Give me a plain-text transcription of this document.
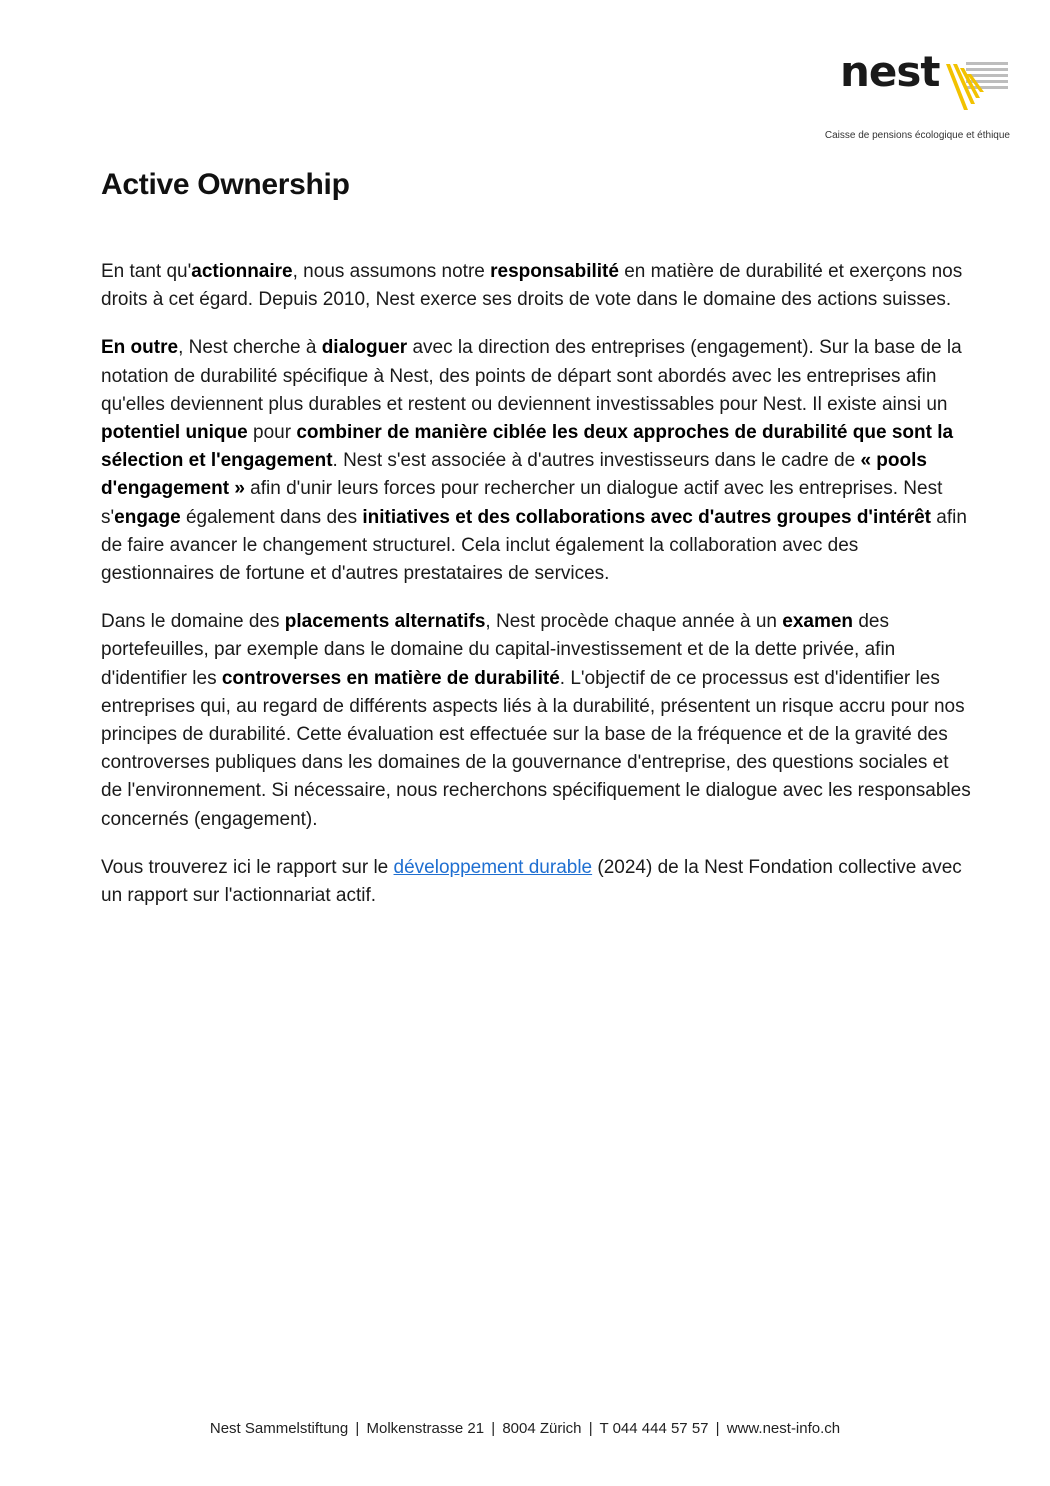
nest
Caisse de pensions écologique et éthique
Active Ownership

En tant qu'actionnaire, nous assumons notre responsabilité en matière de durabilité et exerçons nos droits à cet égard. Depuis 2010, Nest exerce ses droits de vote dans le domaine des actions suisses.

En outre, Nest cherche à dialoguer avec la direction des entreprises (engagement). Sur la base de la notation de durabilité spécifique à Nest, des points de départ sont abordés avec les entreprises afin qu'elles deviennent plus durables et restent ou deviennent investissables pour Nest. Il existe ainsi un potentiel unique pour combiner de manière ciblée les deux approches de durabilité que sont la sélection et l'engagement. Nest s'est associée à d'autres investisseurs dans le cadre de « pools d'engagement » afin d'unir leurs forces pour rechercher un dialogue actif avec les entreprises. Nest s'engage également dans des initiatives et des collaborations avec d'autres groupes d'intérêt afin de faire avancer le changement structurel. Cela inclut également la collaboration avec des gestionnaires de fortune et d'autres prestataires de services.

Dans le domaine des placements alternatifs, Nest procède chaque année à un examen des portefeuilles, par exemple dans le domaine du capital-investissement et de la dette privée, afin d'identifier les controverses en matière de durabilité. L'objectif de ce processus est d'identifier les entreprises qui, au regard de différents aspects liés à la durabilité, présentent un risque accru pour nos principes de durabilité. Cette évaluation est effectuée sur la base de la fréquence et de la gravité des controverses publiques dans les domaines de la gouvernance d'entreprise, des questions sociales et de l'environnement. Si nécessaire, nous recherchons spécifiquement le dialogue avec les responsables concernés (engagement).

Vous trouverez ici le rapport sur le développement durable (2024) de la Nest Fondation collective avec un rapport sur l'actionnariat actif.

Nest Sammelstiftung | Molkenstrasse 21 | 8004 Zürich | T 044 444 57 57 | www.nest-info.ch
